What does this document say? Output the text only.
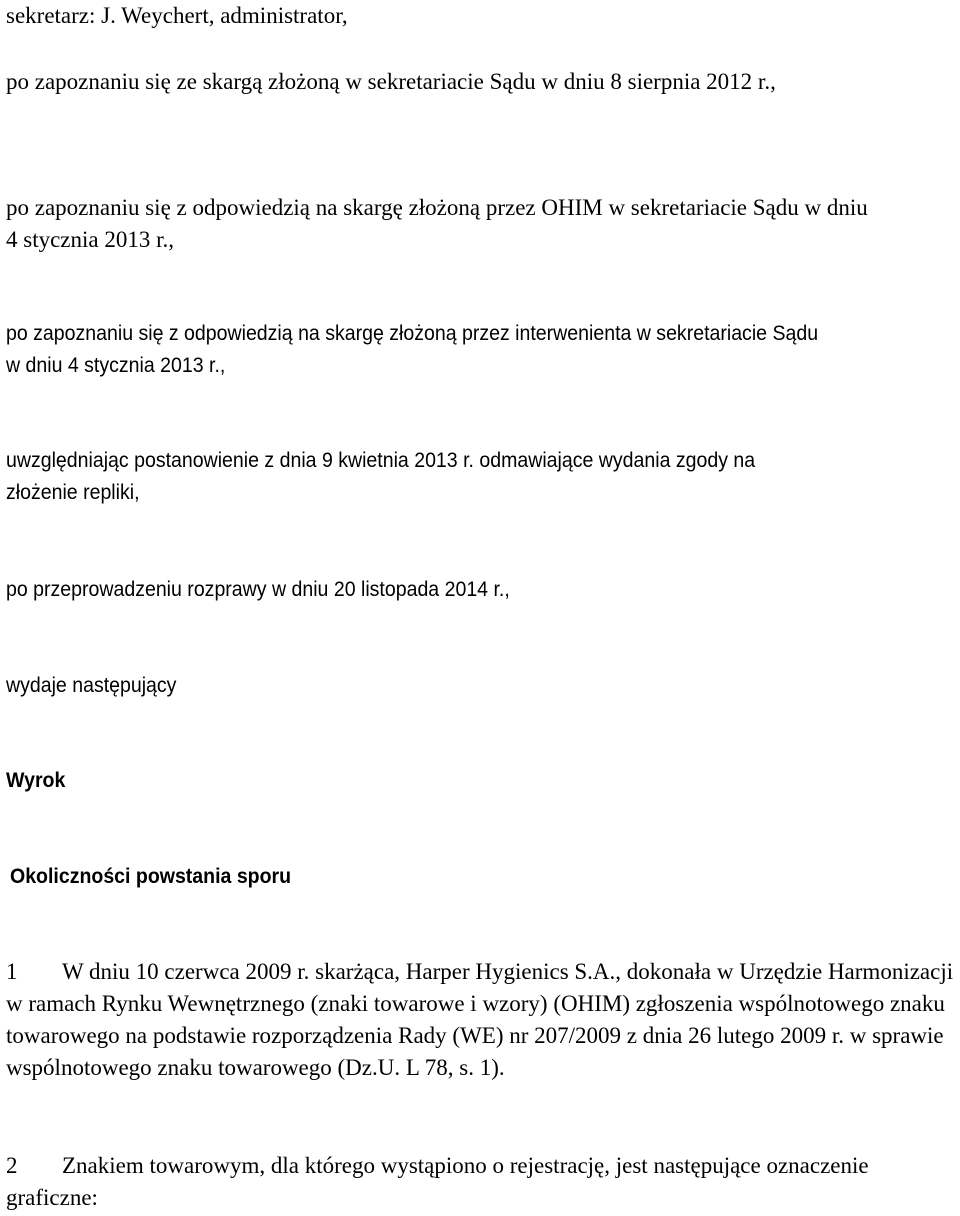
sekretarz: J. Weychert, administrator,

po zapoznaniu się ze skargą złożoną w sekretariacie Sądu w dniu 8 sierpnia 2012 r.,

po zapoznaniu się z odpowiedzią na skargę złożoną przez OHIM w sekretariacie Sądu w dniu

4 stycznia 2013 r.,

po zapoznaniu się z odpowiedzią na skargę złożoną przez interwenienta w sekretariacie Sądu

w dniu 4 stycznia 2013 r.,

uwzględniając postanowienie z dnia 9 kwietnia 2013 r. odmawiające wydania zgody na

złożenie repliki,

po przeprowadzeniu rozprawy w dniu 20 listopada 2014 r.,

wydaje następujący

Wyrok
Okoliczności powstania sporu
1 W dniu 10 czerwca 2009 r. skarżąca, Harper Hygienics S.A., dokonała w Urzędzie Harmonizacji w ramach Rynku Wewnętrznego (znaki towarowe i wzory) (OHIM) zgłoszenia wspólnotowego znaku towarowego na podstawie rozporządzenia Rady (WE) nr 207/2009 z dnia 26 lutego 2009 r. w sprawie wspólnotowego znaku towarowego (Dz.U. L 78, s. 1).
2 Znakiem towarowym, dla którego wystąpiono o rejestrację, jest następujące oznaczenie graficzne:
